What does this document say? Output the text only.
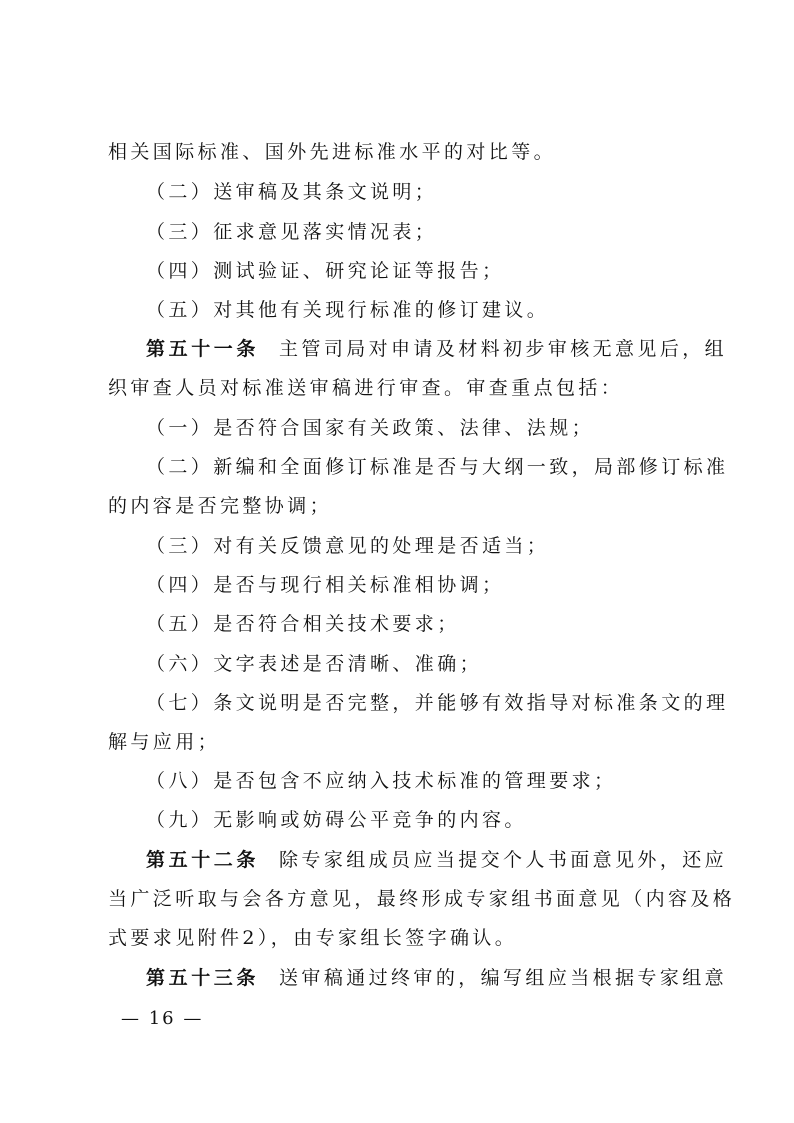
相关国际标准、国外先进标准水平的对比等。
（二）送审稿及其条文说明；
（三）征求意见落实情况表；
（四）测试验证、研究论证等报告；
（五）对其他有关现行标准的修订建议。
第五十一条 主管司局对申请及材料初步审核无意见后，组
织审查人员对标准送审稿进行审查。审查重点包括：
（一）是否符合国家有关政策、法律、法规；
（二）新编和全面修订标准是否与大纲一致，局部修订标准
的内容是否完整协调；
（三）对有关反馈意见的处理是否适当；
（四）是否与现行相关标准相协调；
（五）是否符合相关技术要求；
（六）文字表述是否清晰、准确；
（七）条文说明是否完整，并能够有效指导对标准条文的理
解与应用；
（八）是否包含不应纳入技术标准的管理要求；
（九）无影响或妨碍公平竞争的内容。
第五十二条 除专家组成员应当提交个人书面意见外，还应
当广泛听取与会各方意见，最终形成专家组书面意见（内容及格
式要求见附件2），由专家组长签字确认。
第五十三条 送审稿通过终审的，编写组应当根据专家组意
— 16 —
